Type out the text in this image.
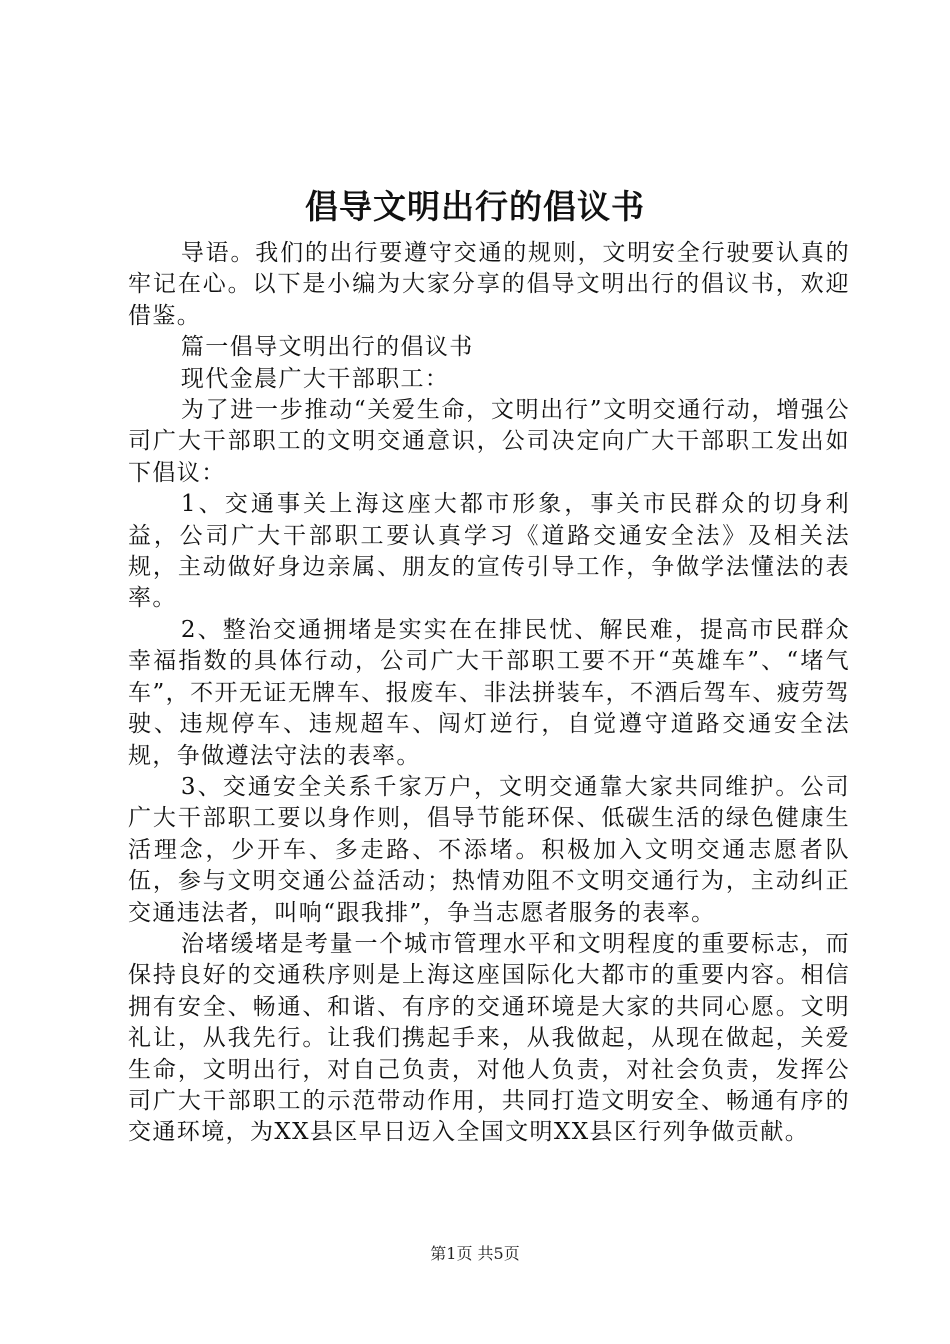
倡导文明出行的倡议书

导语。我们的出行要遵守交通的规则，文明安全行驶要认真的牢记在心。以下是小编为大家分享的倡导文明出行的倡议书，欢迎借鉴。

篇一倡导文明出行的倡议书

现代金晨广大干部职工：

为了进一步推动“关爱生命，文明出行”文明交通行动，增强公司广大干部职工的文明交通意识，公司决定向广大干部职工发出如下倡议：

1、交通事关上海这座大都市形象，事关市民群众的切身利益，公司广大干部职工要认真学习《道路交通安全法》及相关法规，主动做好身边亲属、朋友的宣传引导工作，争做学法懂法的表率。

2、整治交通拥堵是实实在在排民忧、解民难，提高市民群众幸福指数的具体行动，公司广大干部职工要不开“英雄车”、“堵气车”，不开无证无牌车、报废车、非法拼装车，不酒后驾车、疲劳驾驶、违规停车、违规超车、闯灯逆行，自觉遵守道路交通安全法规，争做遵法守法的表率。

3、交通安全关系千家万户，文明交通靠大家共同维护。公司广大干部职工要以身作则，倡导节能环保、低碳生活的绿色健康生活理念，少开车、多走路、不添堵。积极加入文明交通志愿者队伍，参与文明交通公益活动；热情劝阻不文明交通行为，主动纠正交通违法者，叫响“跟我排”，争当志愿者服务的表率。

治堵缓堵是考量一个城市管理水平和文明程度的重要标志，而保持良好的交通秩序则是上海这座国际化大都市的重要内容。相信拥有安全、畅通、和谐、有序的交通环境是大家的共同心愿。文明礼让，从我先行。让我们携起手来，从我做起，从现在做起，关爱生命，文明出行，对自己负责，对他人负责，对社会负责，发挥公司广大干部职工的示范带动作用，共同打造文明安全、畅通有序的交通环境，为XX县区早日迈入全国文明XX县区行列争做贡献。

第1页 共5页
